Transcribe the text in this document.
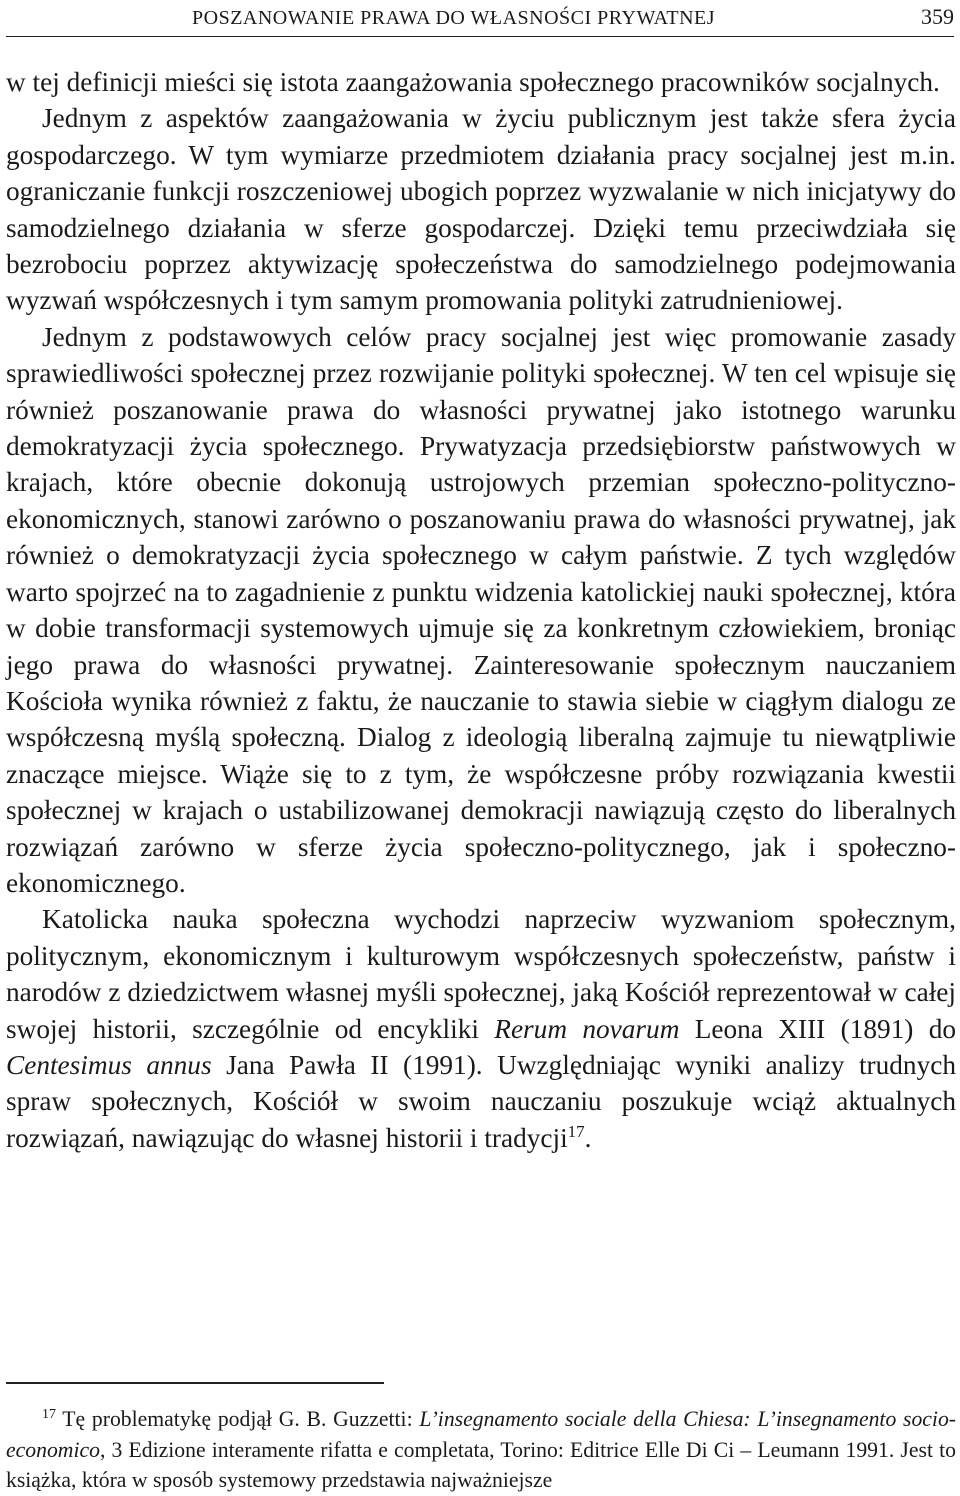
POSZANOWANIE PRAWA DO WŁASNOŚCI PRYWATNEJ	359

w tej definicji mieści się istota zaangażowania społecznego pracowników socjalnych.

Jednym z aspektów zaangażowania w życiu publicznym jest także sfera życia gospodarczego. W tym wymiarze przedmiotem działania pracy socjalnej jest m.in. ograniczanie funkcji roszczeniowej ubogich poprzez wyzwalanie w nich inicjatywy do samodzielnego działania w sferze gospodarczej. Dzięki temu przeciwdziała się bezrobociu poprzez aktywizację społeczeństwa do samodzielnego podejmowania wyzwań współczesnych i tym samym promowania polityki zatrudnieniowej.

Jednym z podstawowych celów pracy socjalnej jest więc promowanie zasady sprawiedliwości społecznej przez rozwijanie polityki społecznej. W ten cel wpisuje się również poszanowanie prawa do własności prywatnej jako istotnego warunku demokratyzacji życia społecznego. Prywatyzacja przedsiębiorstw państwowych w krajach, które obecnie dokonują ustrojowych przemian społeczno-polityczno-ekonomicznych, stanowi zarówno o poszanowaniu prawa do własności prywatnej, jak również o demokratyzacji życia społecznego w całym państwie. Z tych względów warto spojrzeć na to zagadnienie z punktu widzenia katolickiej nauki społecznej, która w dobie transformacji systemowych ujmuje się za konkretnym człowiekiem, broniąc jego prawa do własności prywatnej. Zainteresowanie społecznym nauczaniem Kościoła wynika również z faktu, że nauczanie to stawia siebie w ciągłym dialogu ze współczesną myślą społeczną. Dialog z ideologią liberalną zajmuje tu niewątpliwie znaczące miejsce. Wiąże się to z tym, że współczesne próby rozwiązania kwestii społecznej w krajach o ustabilizowanej demokracji nawiązują często do liberalnych rozwiązań zarówno w sferze życia społeczno-politycznego, jak i społeczno-ekonomicznego.

Katolicka nauka społeczna wychodzi naprzeciw wyzwaniom społecznym, politycznym, ekonomicznym i kulturowym współczesnych społeczeństw, państw i narodów z dziedzictwem własnej myśli społecznej, jaką Kościół reprezentował w całej swojej historii, szczególnie od encykliki Rerum novarum Leona XIII (1891) do Centesimus annus Jana Pawła II (1991). Uwzględniając wyniki analizy trudnych spraw społecznych, Kościół w swoim nauczaniu poszukuje wciąż aktualnych rozwiązań, nawiązując do własnej historii i tradycji$^{17}$.

$^{17}$ Tę problematykę podjął G. B. Guzzetti: L’insegnamento sociale della Chiesa: L’insegnamento socio-economico, 3 Edizione interamente rifatta e completata, Torino: Editrice Elle Di Ci – Leumann 1991. Jest to książka, która w sposób systemowy przedstawia najważniejsze
